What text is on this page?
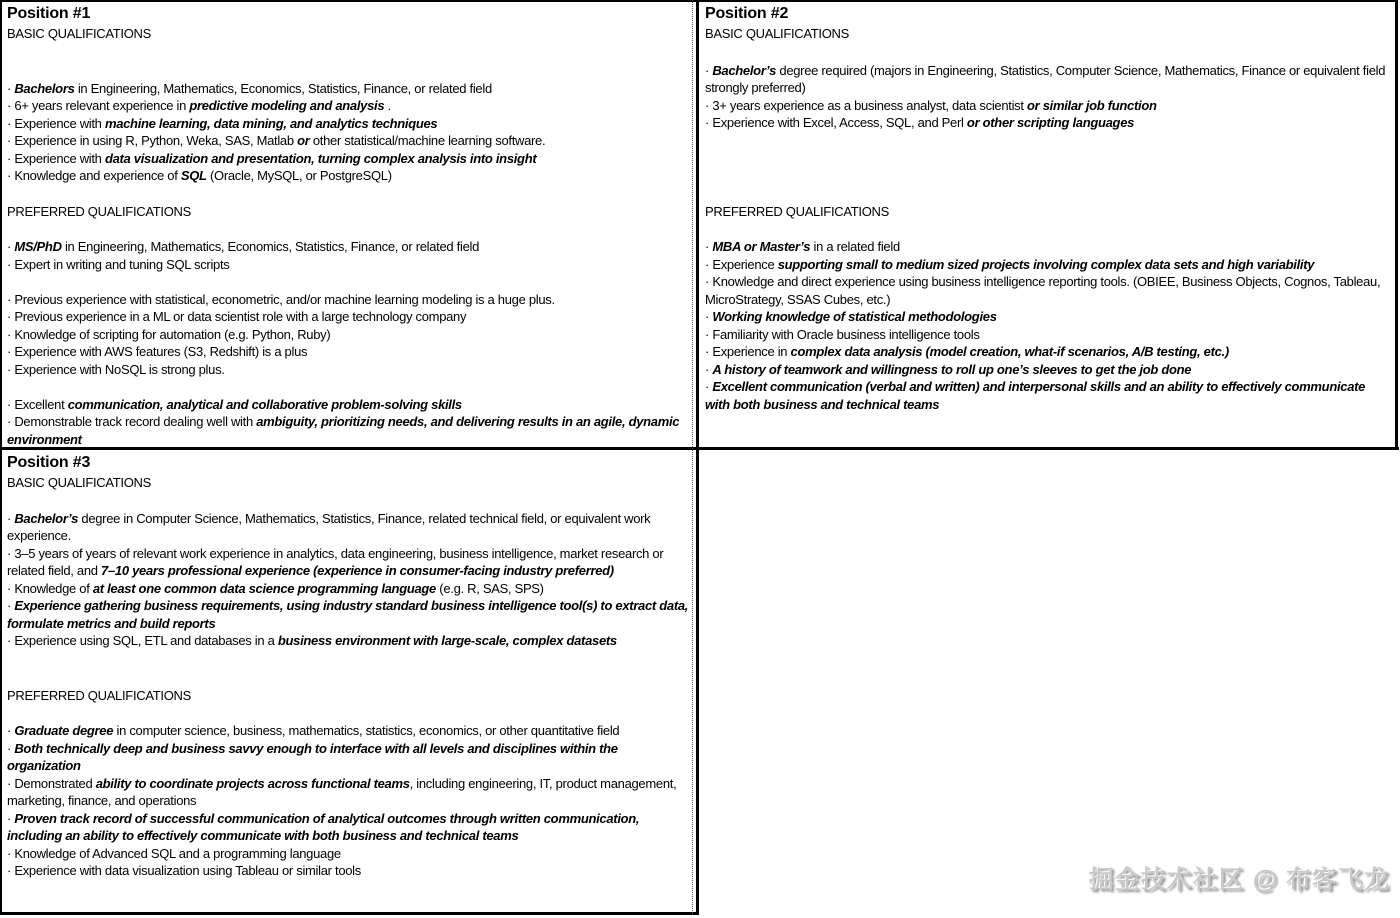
Position #1
BASIC QUALIFICATIONS
· Bachelors in Engineering, Mathematics, Economics, Statistics, Finance, or related field
· 6+ years relevant experience in predictive modeling and analysis .
· Experience with machine learning, data mining, and analytics techniques
· Experience in using R, Python, Weka, SAS, Matlab or other statistical/machine learning software.
· Experience with data visualization and presentation, turning complex analysis into insight
· Knowledge and experience of SQL (Oracle, MySQL, or PostgreSQL)
PREFERRED QUALIFICATIONS
· MS/PhD in Engineering, Mathematics, Economics, Statistics, Finance, or related field
· Expert in writing and tuning SQL scripts
· Previous experience with statistical, econometric, and/or machine learning modeling is a huge plus.
· Previous experience in a ML or data scientist role with a large technology company
· Knowledge of scripting for automation (e.g. Python, Ruby)
· Experience with AWS features (S3, Redshift) is a plus
· Experience with NoSQL is strong plus.
· Excellent communication, analytical and collaborative problem-solving skills
· Demonstrable track record dealing well with ambiguity, prioritizing needs, and delivering results in an agile, dynamic environment
Position #2
BASIC QUALIFICATIONS
· Bachelor’s degree required (majors in Engineering, Statistics, Computer Science, Mathematics, Finance or equivalent field strongly preferred)
· 3+ years experience as a business analyst, data scientist or similar job function
· Experience with Excel, Access, SQL, and Perl or other scripting languages
PREFERRED QUALIFICATIONS
· MBA or Master’s in a related field
· Experience supporting small to medium sized projects involving complex data sets and high variability
· Knowledge and direct experience using business intelligence reporting tools. (OBIEE, Business Objects, Cognos, Tableau, MicroStrategy, SSAS Cubes, etc.)
· Working knowledge of statistical methodologies
· Familiarity with Oracle business intelligence tools
· Experience in complex data analysis (model creation, what-if scenarios, A/B testing, etc.)
· A history of teamwork and willingness to roll up one’s sleeves to get the job done
· Excellent communication (verbal and written) and interpersonal skills and an ability to effectively communicate with both business and technical teams
Position #3
BASIC QUALIFICATIONS
· Bachelor’s degree in Computer Science, Mathematics, Statistics, Finance, related technical field, or equivalent work experience.
· 3–5 years of years of relevant work experience in analytics, data engineering, business intelligence, market research or related field, and 7–10 years professional experience (experience in consumer-facing industry preferred)
· Knowledge of at least one common data science programming language (e.g. R, SAS, SPS)
· Experience gathering business requirements, using industry standard business intelligence tool(s) to extract data, formulate metrics and build reports
· Experience using SQL, ETL and databases in a business environment with large-scale, complex datasets
PREFERRED QUALIFICATIONS
· Graduate degree in computer science, business, mathematics, statistics, economics, or other quantitative field
· Both technically deep and business savvy enough to interface with all levels and disciplines within the organization
· Demonstrated ability to coordinate projects across functional teams, including engineering, IT, product management, marketing, finance, and operations
· Proven track record of successful communication of analytical outcomes through written communication, including an ability to effectively communicate with both business and technical teams
· Knowledge of Advanced SQL and a programming language
· Experience with data visualization using Tableau or similar tools	掘金技术社区 @ 布客飞龙
